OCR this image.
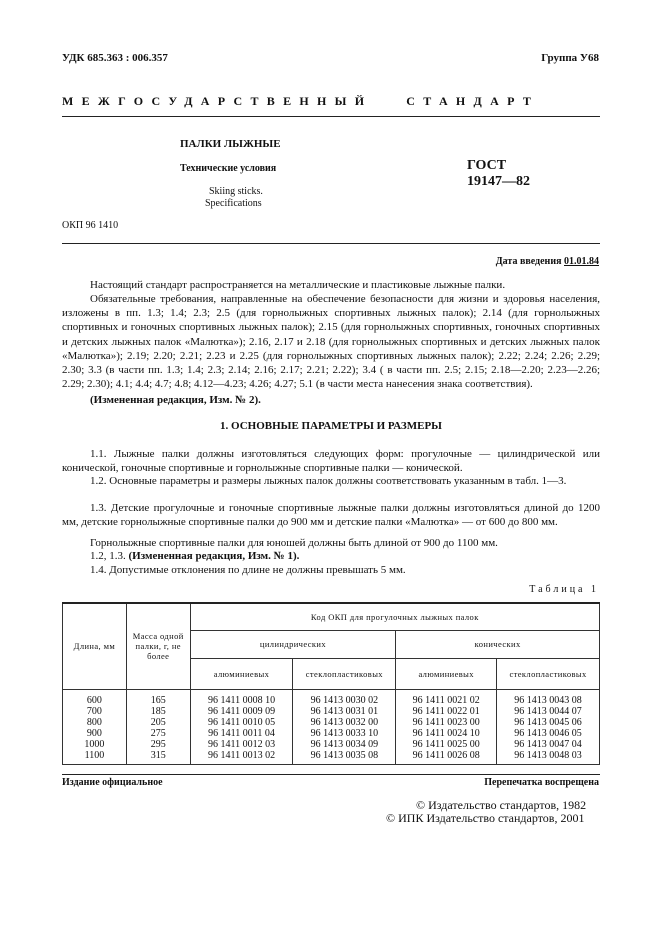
УДК 685.363 : 006.357	Группа У68
МЕЖГОСУДАРСТВЕННЫЙ   СТАНДАРТ
ПАЛКИ ЛЫЖНЫЕ
Технические условия
Skiing sticks.
Specifications
ГОСТ
19147—82
ОКП 96 1410
Дата введения 01.01.84
Настоящий стандарт распространяется на металлические и пластиковые лыжные палки.
Обязательные требования, направленные на обеспечение безопасности для жизни и здоровья населения, изложены в пп. 1.3; 1.4; 2.3; 2.5 (для горнолыжных спортивных лыжных палок); 2.14 (для горнолыжных спортивных и гоночных спортивных лыжных палок); 2.15 (для горнолыжных спортивных, гоночных спортивных и детских лыжных палок «Малютка»); 2.16, 2.17 и 2.18 (для горнолыжных спортивных и детских лыжных палок «Малютка»); 2.19; 2.20; 2.21; 2.23 и 2.25 (для горнолыжных спортивных лыжных палок); 2.22; 2.24; 2.26; 2.29; 2.30; 3.3 (в части пп. 1.3; 1.4; 2.3; 2.14; 2.16; 2.17; 2.21; 2.22); 3.4 ( в части пп. 2.5; 2.15; 2.18—2.20; 2.23—2.26; 2.29; 2.30); 4.1; 4.4; 4.7; 4.8; 4.12—4.23; 4.26; 4.27; 5.1 (в части места нанесения знака соответствия).
(Измененная редакция, Изм. № 2).
1. ОСНОВНЫЕ ПАРАМЕТРЫ И РАЗМЕРЫ
1.1. Лыжные палки должны изготовляться следующих форм: прогулочные — цилиндрической или конической, гоночные спортивные и горнолыжные спортивные палки — конической.
1.2. Основные параметры и размеры лыжных палок должны соответствовать указанным в табл. 1—3.
1.3. Детские прогулочные и гоночные спортивные лыжные палки должны изготовляться длиной до 1200 мм, детские горнолыжные спортивные палки до 900 мм и детские палки «Малютка» — от 600 до 800 мм.
Горнолыжные спортивные палки для юношей должны быть длиной от 900 до 1100 мм.
1.2, 1.3. (Измененная редакция, Изм. № 1).
1.4. Допустимые отклонения по длине не должны превышать 5 мм.
Таблица 1
Длина, мм	Масса одной палки, г, не более	Код ОКП для прогулочных лыжных палок			
		цилиндрических		конических	
		алюминиевых	стеклопластиковых	алюминиевых	стеклопластиковых
600	165	96 1411 0008 10	96 1413 0030 02	96 1411 0021 02	96 1413 0043 08
700	185	96 1411 0009 09	96 1413 0031 01	96 1411 0022 01	96 1413 0044 07
800	205	96 1411 0010 05	96 1413 0032 00	96 1411 0023 00	96 1413 0045 06
900	275	96 1411 0011 04	96 1413 0033 10	96 1411 0024 10	96 1413 0046 05
1000	295	96 1411 0012 03	96 1413 0034 09	96 1411 0025 00	96 1413 0047 04
1100	315	96 1411 0013 02	96 1413 0035 08	96 1411 0026 08	96 1413 0048 03
Издание официальное	Перепечатка воспрещена
© Издательство стандартов, 1982
© ИПК Издательство стандартов, 2001
